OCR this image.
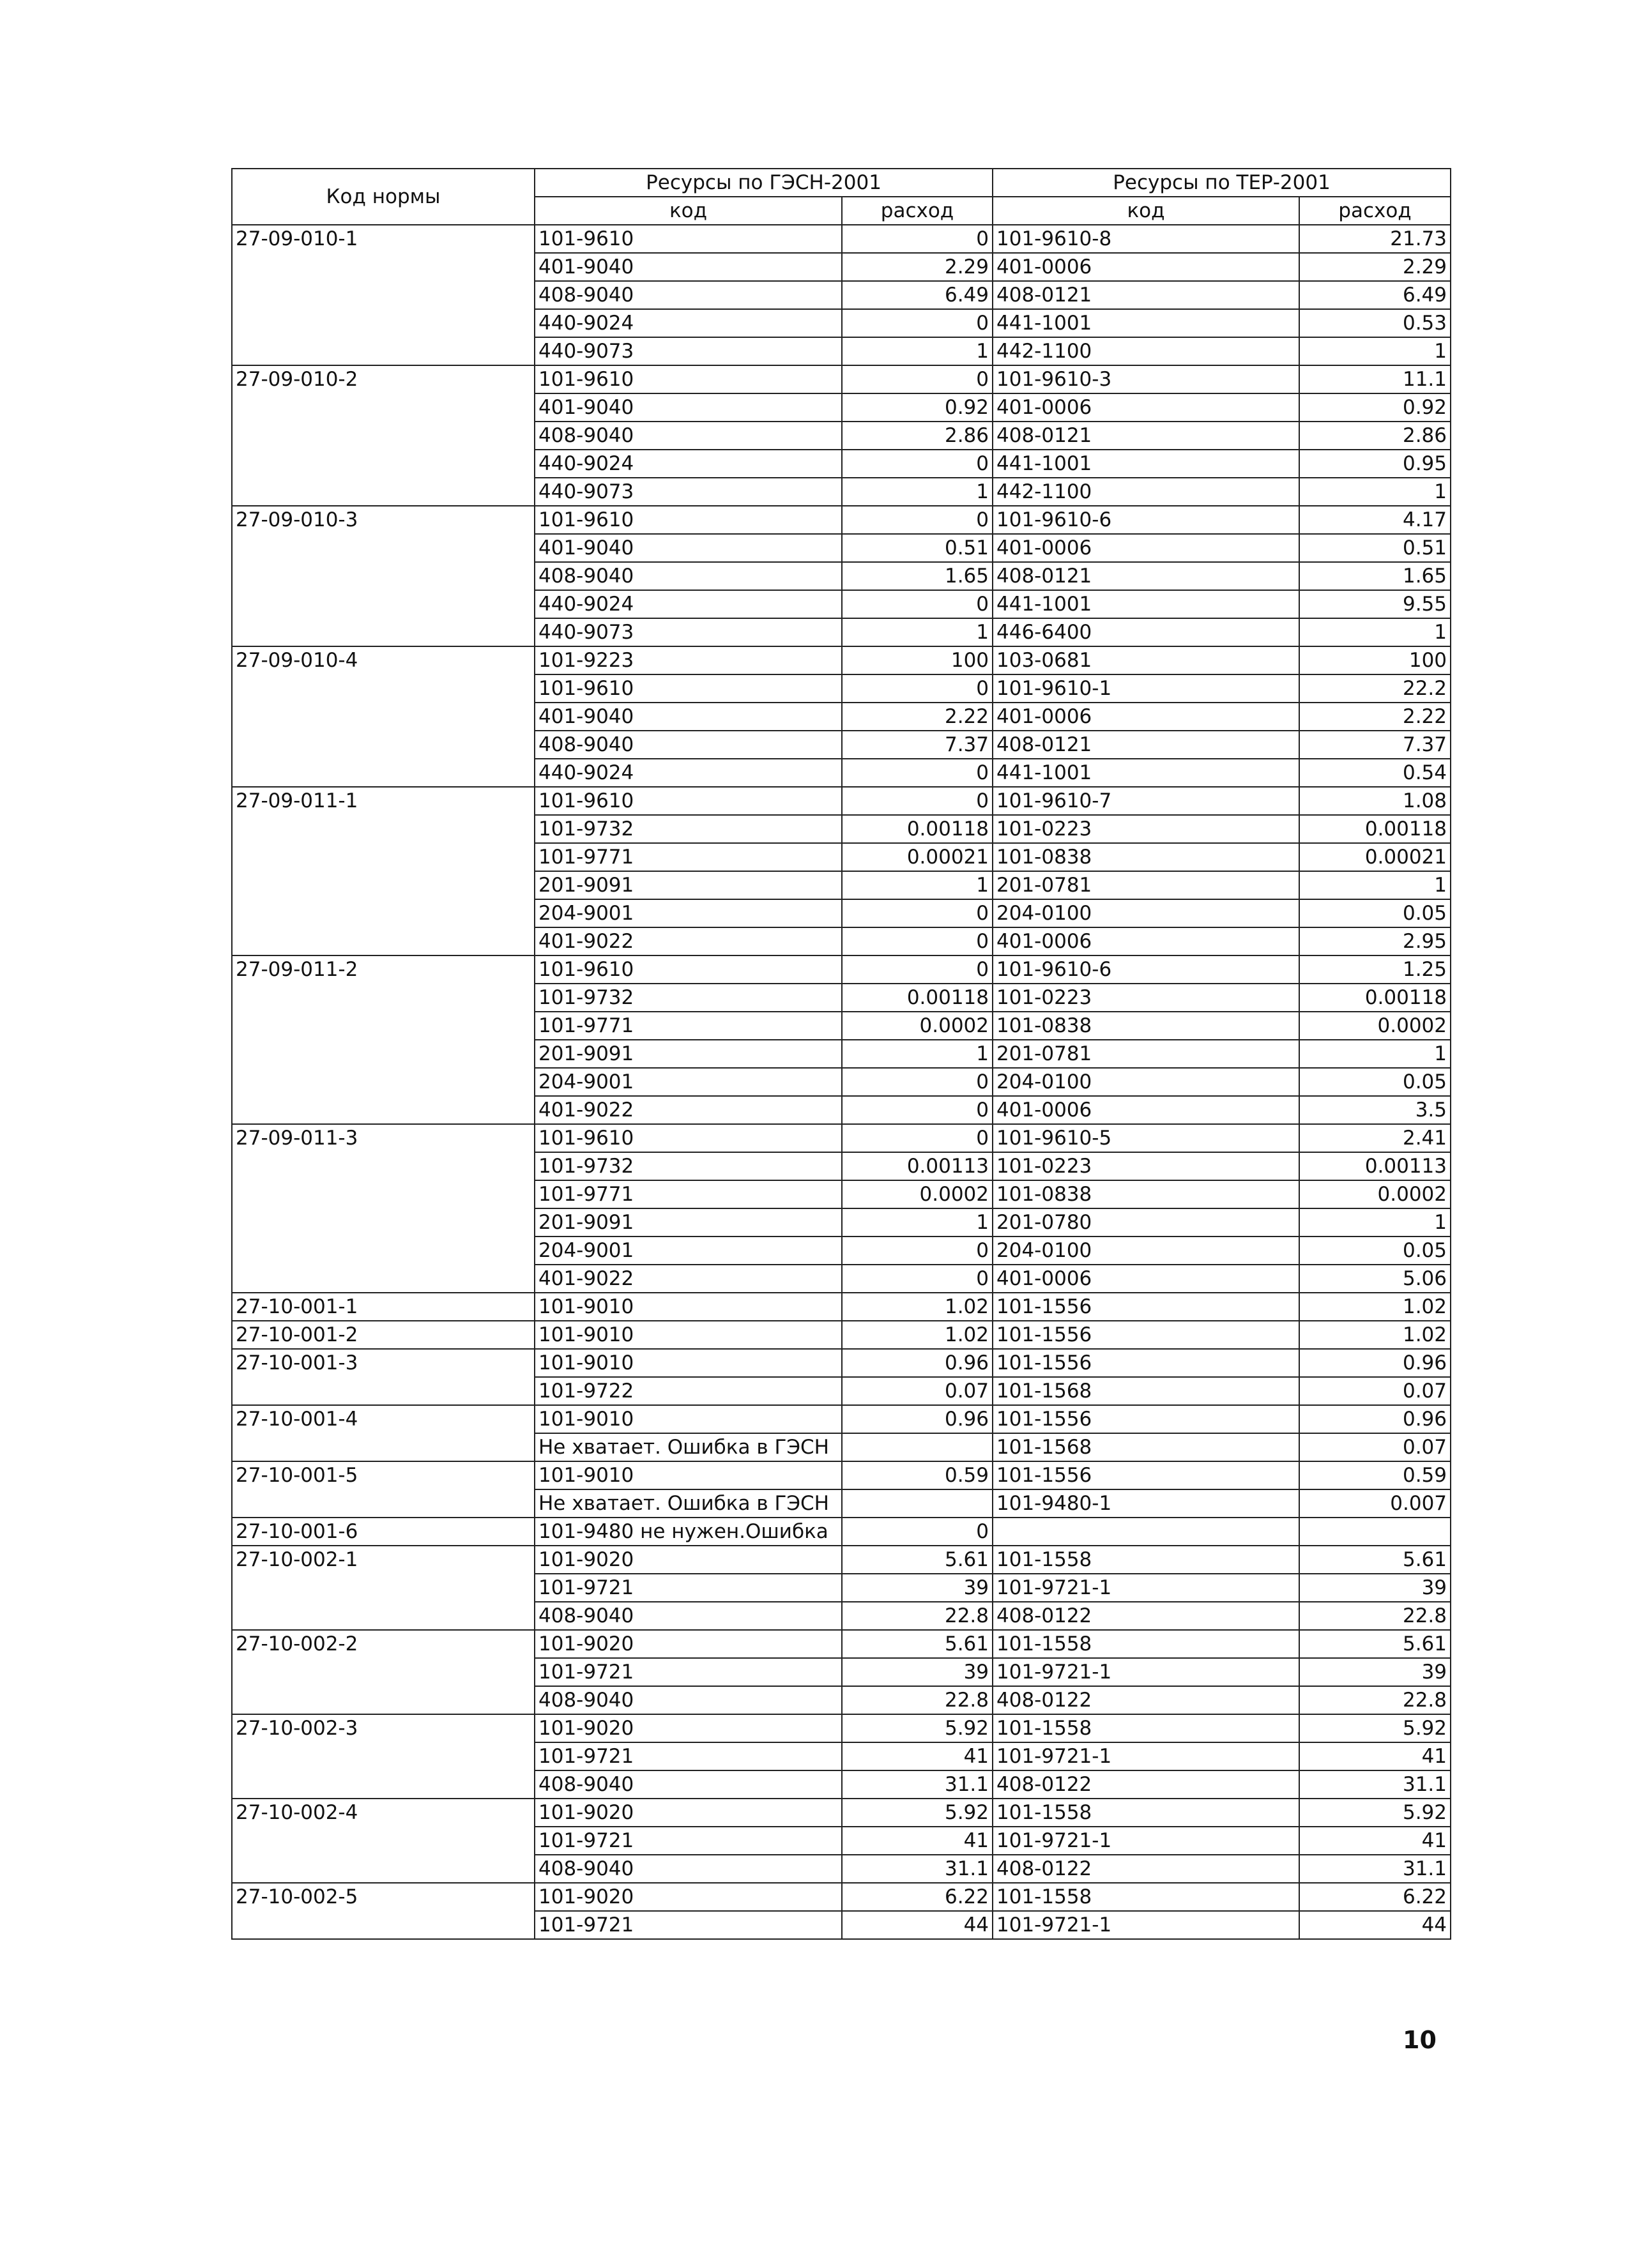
Код нормы	Ресурсы по ГЭСН-2001		Ресурсы по ТЕР-2001	
	код	расход	код	расход
27-09-010-1	101-9610	0	101-9610-8	21.73
	401-9040	2.29	401-0006	2.29
	408-9040	6.49	408-0121	6.49
	440-9024	0	441-1001	0.53
	440-9073	1	442-1100	1
27-09-010-2	101-9610	0	101-9610-3	11.1
	401-9040	0.92	401-0006	0.92
	408-9040	2.86	408-0121	2.86
	440-9024	0	441-1001	0.95
	440-9073	1	442-1100	1
27-09-010-3	101-9610	0	101-9610-6	4.17
	401-9040	0.51	401-0006	0.51
	408-9040	1.65	408-0121	1.65
	440-9024	0	441-1001	9.55
	440-9073	1	446-6400	1
27-09-010-4	101-9223	100	103-0681	100
	101-9610	0	101-9610-1	22.2
	401-9040	2.22	401-0006	2.22
	408-9040	7.37	408-0121	7.37
	440-9024	0	441-1001	0.54
27-09-011-1	101-9610	0	101-9610-7	1.08
	101-9732	0.00118	101-0223	0.00118
	101-9771	0.00021	101-0838	0.00021
	201-9091	1	201-0781	1
	204-9001	0	204-0100	0.05
	401-9022	0	401-0006	2.95
27-09-011-2	101-9610	0	101-9610-6	1.25
	101-9732	0.00118	101-0223	0.00118
	101-9771	0.0002	101-0838	0.0002
	201-9091	1	201-0781	1
	204-9001	0	204-0100	0.05
	401-9022	0	401-0006	3.5
27-09-011-3	101-9610	0	101-9610-5	2.41
	101-9732	0.00113	101-0223	0.00113
	101-9771	0.0002	101-0838	0.0002
	201-9091	1	201-0780	1
	204-9001	0	204-0100	0.05
	401-9022	0	401-0006	5.06
27-10-001-1	101-9010	1.02	101-1556	1.02
27-10-001-2	101-9010	1.02	101-1556	1.02
27-10-001-3	101-9010	0.96	101-1556	0.96
	101-9722	0.07	101-1568	0.07
27-10-001-4	101-9010	0.96	101-1556	0.96
	Не хватает. Ошибка в ГЭСН		101-1568	0.07
27-10-001-5	101-9010	0.59	101-1556	0.59
	Не хватает. Ошибка в ГЭСН		101-9480-1	0.007
27-10-001-6	101-9480 не нужен.Ошибка	0		
27-10-002-1	101-9020	5.61	101-1558	5.61
	101-9721	39	101-9721-1	39
	408-9040	22.8	408-0122	22.8
27-10-002-2	101-9020	5.61	101-1558	5.61
	101-9721	39	101-9721-1	39
	408-9040	22.8	408-0122	22.8
27-10-002-3	101-9020	5.92	101-1558	5.92
	101-9721	41	101-9721-1	41
	408-9040	31.1	408-0122	31.1
27-10-002-4	101-9020	5.92	101-1558	5.92
	101-9721	41	101-9721-1	41
	408-9040	31.1	408-0122	31.1
27-10-002-5	101-9020	6.22	101-1558	6.22
	101-9721	44	101-9721-1	44
10
